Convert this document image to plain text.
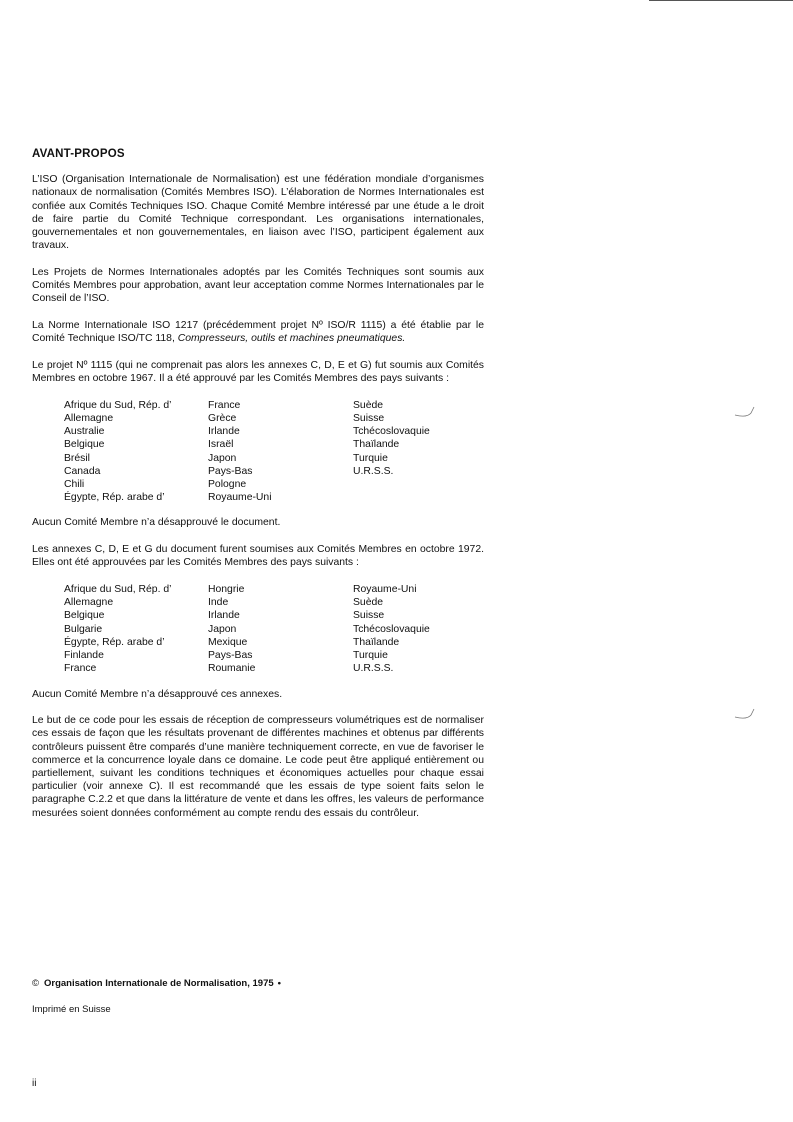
AVANT-PROPOS

L’ISO (Organisation Internationale de Normalisation) est une fédération mondiale d’organismes nationaux de normalisation (Comités Membres ISO). L’élaboration de Normes Internationales est confiée aux Comités Techniques ISO. Chaque Comité Membre intéressé par une étude a le droit de faire partie du Comité Technique correspondant. Les organisations internationales, gouvernementales et non gouvernementales, en liaison avec l’ISO, participent également aux travaux.

Les Projets de Normes Internationales adoptés par les Comités Techniques sont soumis aux Comités Membres pour approbation, avant leur acceptation comme Normes Internationales par le Conseil de l’ISO.

La Norme Internationale ISO 1217 (précédemment projet Nº ISO/R 1115) a été établie par le Comité Technique ISO/TC 118, Compresseurs, outils et machines pneumatiques.

Le projet Nº 1115 (qui ne comprenait pas alors les annexes C, D, E et G) fut soumis aux Comités Membres en octobre 1967. Il a été approuvé par les Comités Membres des pays suivants :

Afrique du Sud, Rép. d’	France	Suède
Allemagne	Grèce	Suisse
Australie	Irlande	Tchécoslovaquie
Belgique	Israël	Thaïlande
Brésil	Japon	Turquie
Canada	Pays-Bas	U.R.S.S.
Chili	Pologne
Égypte, Rép. arabe d’	Royaume-Uni

Aucun Comité Membre n’a désapprouvé le document.

Les annexes C, D, E et G du document furent soumises aux Comités Membres en octobre 1972. Elles ont été approuvées par les Comités Membres des pays suivants :

Afrique du Sud, Rép. d’	Hongrie	Royaume-Uni
Allemagne	Inde	Suède
Belgique	Irlande	Suisse
Bulgarie	Japon	Tchécoslovaquie
Égypte, Rép. arabe d’	Mexique	Thaïlande
Finlande	Pays-Bas	Turquie
France	Roumanie	U.R.S.S.

Aucun Comité Membre n’a désapprouvé ces annexes.

Le but de ce code pour les essais de réception de compresseurs volumétriques est de normaliser ces essais de façon que les résultats provenant de différentes machines et obtenus par différents contrôleurs puissent être comparés d’une manière techniquement correcte, en vue de favoriser le commerce et la concurrence loyale dans ce domaine. Le code peut être appliqué entièrement ou partiellement, suivant les conditions techniques et économiques actuelles pour chaque essai particulier (voir annexe C). Il est recommandé que les essais de type soient faits selon le paragraphe C.2.2 et que dans la littérature de vente et dans les offres, les valeurs de performance mesurées soient données conformément au compte rendu des essais du contrôleur.

© Organisation Internationale de Normalisation, 1975 •
Imprimé en Suisse
ii
